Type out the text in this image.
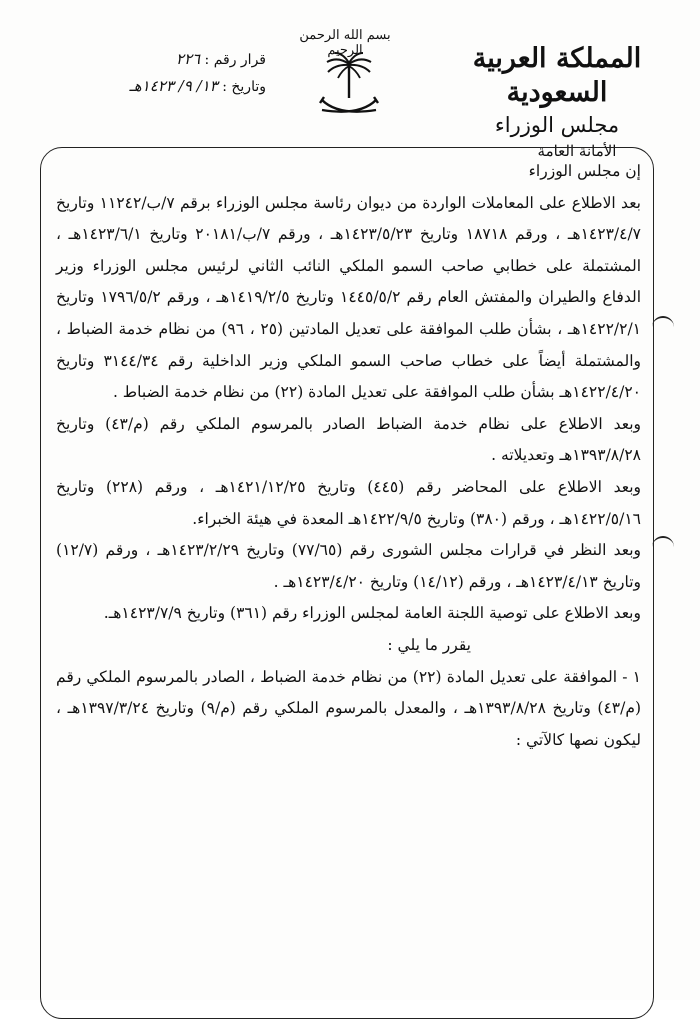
بسم الله الرحمن الرحيم	المملكة العربية السعودية
مجلس الوزراء
الأمانة العامة
قرار رقم : ٢٢٦
وتاريخ : ١٣/ ٩/ ١٤٢٣هـ

إن مجلس الوزراء

بعد الاطلاع على المعاملات الواردة من ديوان رئاسة مجلس الوزراء برقم ٧/ب/١١٢٤٢ وتاريخ ١٤٢٣/٤/٧هـ ، ورقم ١٨٧١٨ وتاريخ ١٤٢٣/٥/٢٣هـ ، ورقم ٧/ب/٢٠١٨١ وتاريخ ١٤٢٣/٦/١هـ ، المشتملة على خطابي صاحب السمو الملكي النائب الثاني لرئيس مجلس الوزراء وزير الدفاع والطيران والمفتش العام رقم ١٤٤٥/٥/٢ وتاريخ ١٤١٩/٢/٥هـ ، ورقم ١٧٩٦/٥/٢ وتاريخ ١٤٢٢/٢/١هـ ، بشأن طلب الموافقة على تعديل المادتين (٢٥ ، ٩٦) من نظام خدمة الضباط ، والمشتملة أيضاً على خطاب صاحب السمو الملكي وزير الداخلية رقم ٣١٤٤/٣٤ وتاريخ ١٤٢٢/٤/٢٠هـ بشأن طلب الموافقة على تعديل المادة (٢٢) من نظام خدمة الضباط .

وبعد الاطلاع على نظام خدمة الضباط الصادر بالمرسوم الملكي رقم (م/٤٣) وتاريخ ١٣٩٣/٨/٢٨هـ وتعديلاته .

وبعد الاطلاع على المحاضر رقم (٤٤٥) وتاريخ ١٤٢١/١٢/٢٥هـ ، ورقم (٢٢٨) وتاريخ ١٤٢٢/٥/١٦هـ ، ورقم (٣٨٠) وتاريخ ١٤٢٢/٩/٥هـ المعدة في هيئة الخبراء.

وبعد النظر في قرارات مجلس الشورى رقم (٧٧/٦٥) وتاريخ ١٤٢٣/٢/٢٩هـ ، ورقم (١٢/٧) وتاريخ ١٤٢٣/٤/١٣هـ ، ورقم (١٤/١٢) وتاريخ ١٤٢٣/٤/٢٠هـ .

وبعد الاطلاع على توصية اللجنة العامة لمجلس الوزراء رقم (٣٦١) وتاريخ ١٤٢٣/٧/٩هـ.

يقرر ما يلي :

١ - الموافقة على تعديل المادة (٢٢) من نظام خدمة الضباط ، الصادر بالمرسوم الملكي رقم (م/٤٣) وتاريخ ١٣٩٣/٨/٢٨هـ ، والمعدل بالمرسوم الملكي رقم (م/٩) وتاريخ ١٣٩٧/٣/٢٤هـ ، ليكون نصها كالآتي :
